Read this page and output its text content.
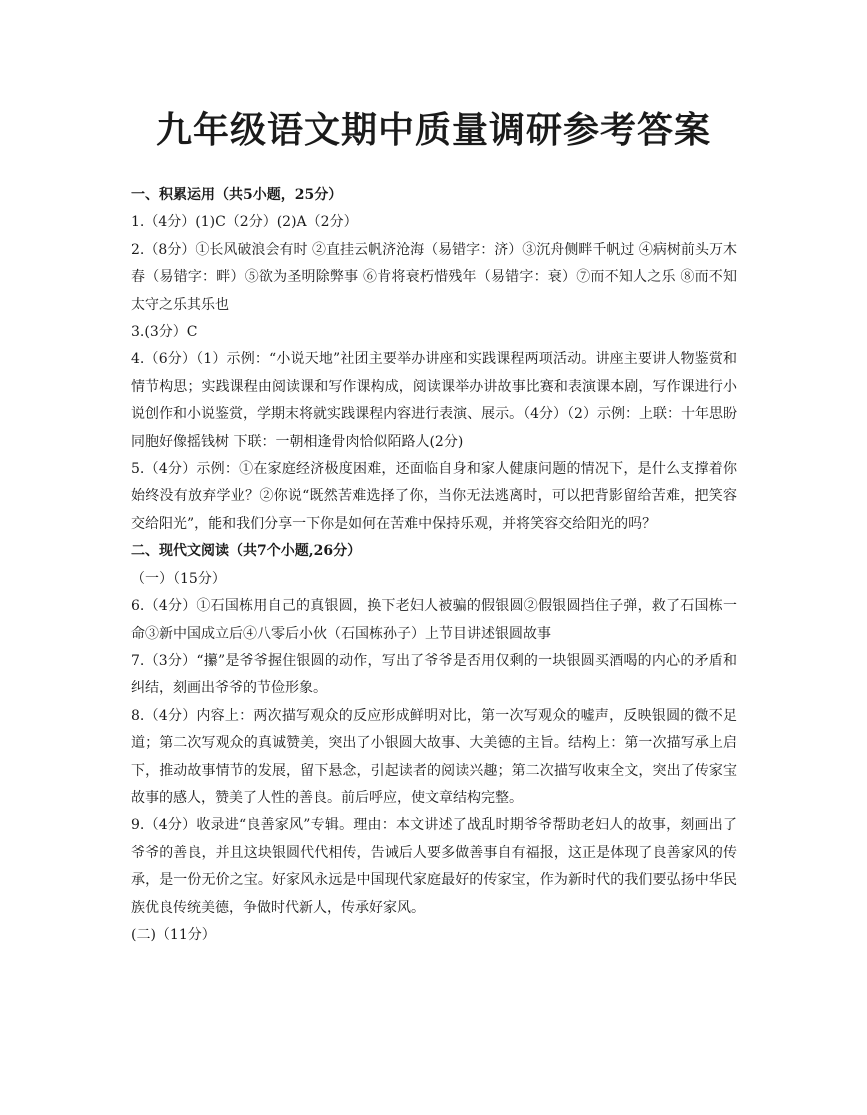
九年级语文期中质量调研参考答案

一、积累运用（共5小题，25分）

1.（4分）(1)C（2分）(2)A（2分）

2.（8分）①长风破浪会有时 ②直挂云帆济沧海（易错字：济）③沉舟侧畔千帆过 ④病树前头万木春（易错字：畔）⑤欲为圣明除弊事 ⑥肯将衰朽惜残年（易错字：衰）⑦而不知人之乐 ⑧而不知太守之乐其乐也

3.(3分）C

4.（6分）（1）示例：“小说天地”社团主要举办讲座和实践课程两项活动。讲座主要讲人物鉴赏和情节构思；实践课程由阅读课和写作课构成，阅读课举办讲故事比赛和表演课本剧，写作课进行小说创作和小说鉴赏，学期末将就实践课程内容进行表演、展示。（4分）（2）示例：上联：十年思盼同胞好像摇钱树 下联：一朝相逢骨肉恰似陌路人(2分)

5.（4分）示例：①在家庭经济极度困难，还面临自身和家人健康问题的情况下，是什么支撑着你始终没有放弃学业？②你说“既然苦难选择了你，当你无法逃离时，可以把背影留给苦难，把笑容交给阳光”，能和我们分享一下你是如何在苦难中保持乐观，并将笑容交给阳光的吗？

二、现代文阅读（共7个小题,26分）

（一）（15分）

6.（4分）①石国栋用自己的真银圆，换下老妇人被骗的假银圆②假银圆挡住子弹，救了石国栋一命③新中国成立后④八零后小伙（石国栋孙子）上节目讲述银圆故事

7.（3分）“攥”是爷爷握住银圆的动作，写出了爷爷是否用仅剩的一块银圆买酒喝的内心的矛盾和纠结，刻画出爷爷的节俭形象。

8.（4分）内容上：两次描写观众的反应形成鲜明对比，第一次写观众的嘘声，反映银圆的微不足道；第二次写观众的真诚赞美，突出了小银圆大故事、大美德的主旨。结构上：第一次描写承上启下，推动故事情节的发展，留下悬念，引起读者的阅读兴趣；第二次描写收束全文，突出了传家宝故事的感人，赞美了人性的善良。前后呼应，使文章结构完整。

9.（4分）收录进“良善家风”专辑。理由：本文讲述了战乱时期爷爷帮助老妇人的故事，刻画出了爷爷的善良，并且这块银圆代代相传，告诫后人要多做善事自有福报，这正是体现了良善家风的传承，是一份无价之宝。好家风永远是中国现代家庭最好的传家宝，作为新时代的我们要弘扬中华民族优良传统美德，争做时代新人，传承好家风。

(二)（11分）
